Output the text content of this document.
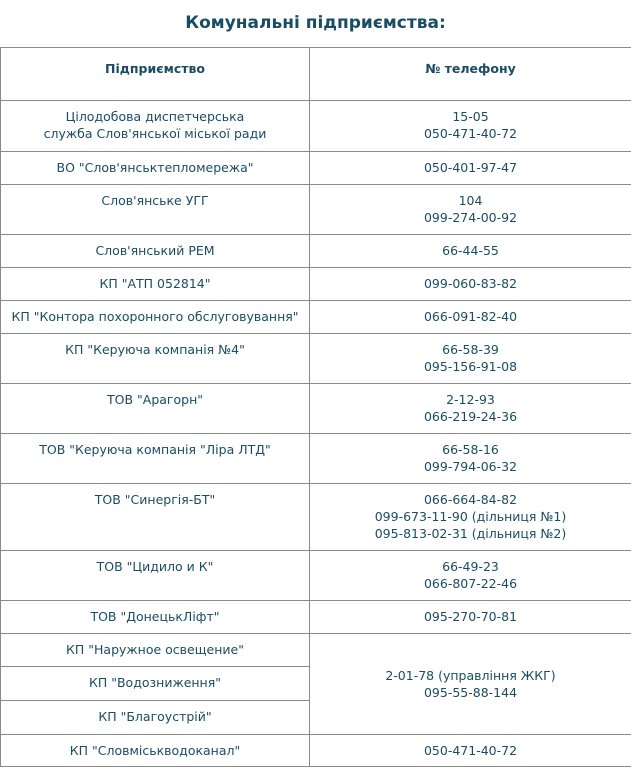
Комунальні підприємства:
Підприємство	№ телефону

Цілодобова диспетчерська
служба Слов'янської міської ради	15-05
050-471-40-72

ВО "Слов'янськтепломережа"	050-401-97-47

Слов'янське УГГ	104
099-274-00-92

Слов'янський РЕМ	66-44-55

КП "АТП 052814"	099-060-83-82

КП "Контора похоронного обслуговування"	066-091-82-40

КП "Керуюча компанія №4"	66-58-39
095-156-91-08

ТОВ "Арагорн"	2-12-93
066-219-24-36

ТОВ "Керуюча компанія "Ліра ЛТД"	66-58-16
099-794-06-32

ТОВ "Синергія-БТ"	066-664-84-82
099-673-11-90 (дільниця №1)
095-813-02-31 (дільниця №2)

ТОВ "Цидило и К"	66-49-23
066-807-22-46

ТОВ "ДонецькЛіфт"	095-270-70-81

КП "Наружное освещение"	2-01-78 (управління ЖКГ)
095-55-88-144

КП "Водозниження"	

КП "Благоустрій"	

КП "Словміськводоканал"	050-471-40-72
